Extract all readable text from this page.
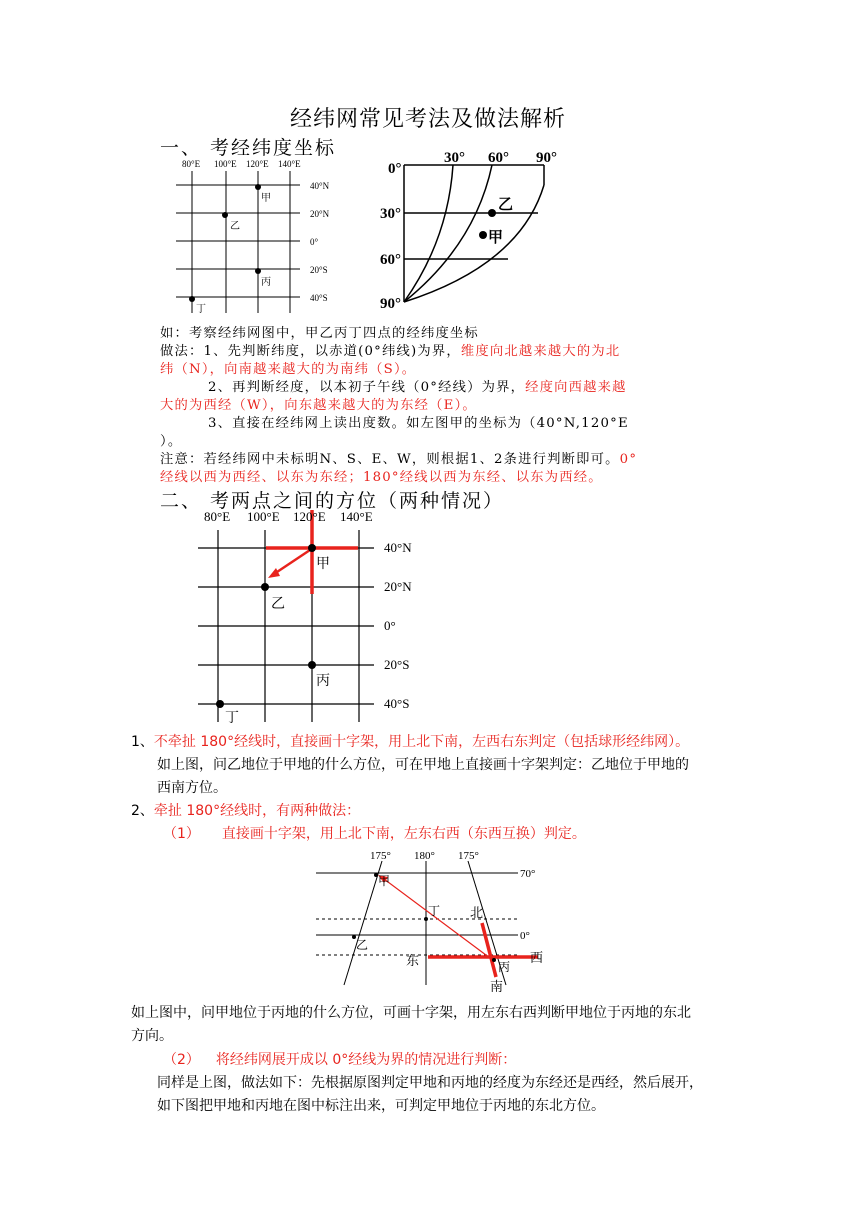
经纬网常见考法及做法解析
一、 考经纬度坐标
80°E 100°E 120°E 140°E
40°N
20°N
0°
20°S
40°S
甲
乙
丙
丁
0°
30° 60° 90°
30°
60°
90°
乙
甲
如：考察经纬网图中，甲乙丙丁四点的经纬度坐标
做法：1、先判断纬度，以赤道(0°纬线)为界，维度向北越来越大的为北
纬（N），向南越来越大的为南纬（S）。
2、再判断经度，以本初子午线（0°经线）为界，经度向西越来越
大的为西经（W），向东越来越大的为东经（E）。
3、直接在经纬网上读出度数。如左图甲的坐标为（40°N,120°E
）。
注意：若经纬网中未标明N、S、E、W，则根据1、2条进行判断即可。0°
经线以西为西经、以东为东经；180°经线以西为东经、以东为西经。
二、 考两点之间的方位（两种情况）
80°E 100°E 120°E 140°E
40°N
20°N
0°
20°S
40°S
甲
乙
丙
丁
1、不牵扯 180°经线时，直接画十字架，用上北下南，左西右东判定（包括球形经纬网）。
如上图，问乙地位于甲地的什么方位，可在甲地上直接画十字架判定：乙地位于甲地的
西南方位。
2、牵扯 180°经线时，有两种做法：
（1） 直接画十字架，用上北下南，左东右西（东西互换）判定。
175° 180° 175°
70°
0°
甲
丁
乙
丙
北
东	西
南
如上图中，问甲地位于丙地的什么方位，可画十字架，用左东右西判断甲地位于丙地的东北
方向。
（2） 将经纬网展开成以 0°经线为界的情况进行判断：
同样是上图，做法如下：先根据原图判定甲地和丙地的经度为东经还是西经，然后展开，
如下图把甲地和丙地在图中标注出来，可判定甲地位于丙地的东北方位。
